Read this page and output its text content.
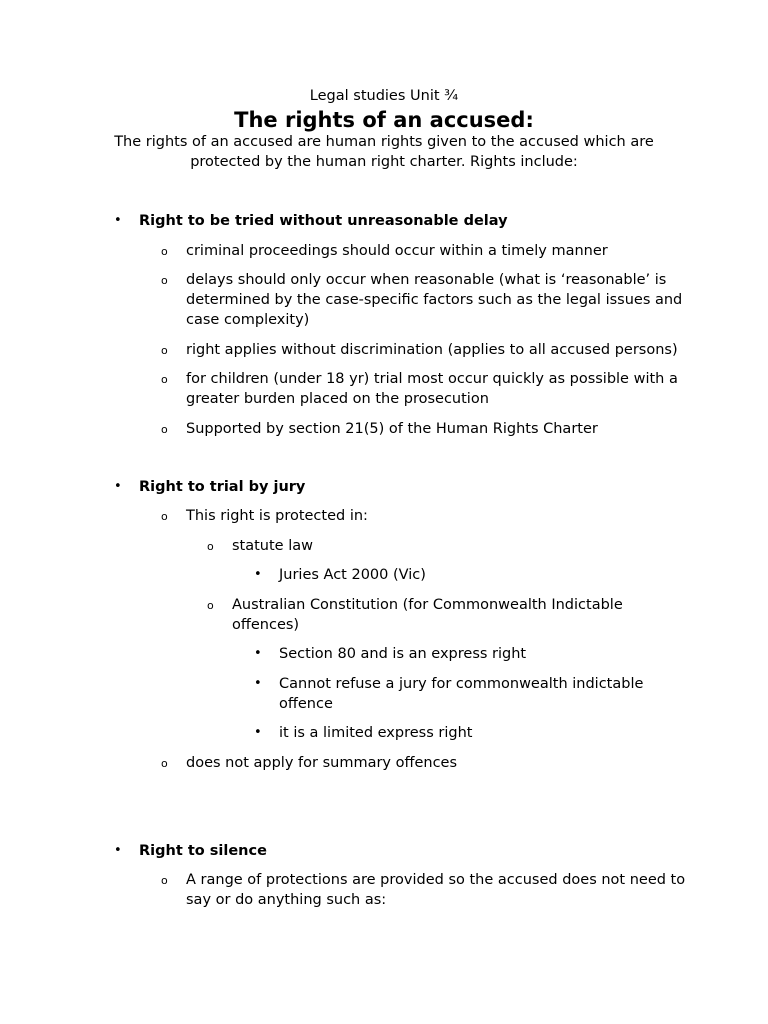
Legal studies Unit ¾
The rights of an accused:
The rights of an accused are human rights given to the accused which are protected by the human right charter. Rights include:
• Right to be tried without unreasonable delay
o criminal proceedings should occur within a timely manner
o delays should only occur when reasonable (what is ‘reasonable’ is determined by the case-specific factors such as the legal issues and case complexity)
o right applies without discrimination (applies to all accused persons)
o for children (under 18 yr) trial most occur quickly as possible with a greater burden placed on the prosecution
o Supported by section 21(5) of the Human Rights Charter
• Right to trial by jury
o This right is protected in:
o statute law
• Juries Act 2000 (Vic)
o Australian Constitution (for Commonwealth Indictable offences)
• Section 80 and is an express right
• Cannot refuse a jury for commonwealth indictable offence
• it is a limited express right
o does not apply for summary offences
• Right to silence
o A range of protections are provided so the accused does not need to say or do anything such as:
